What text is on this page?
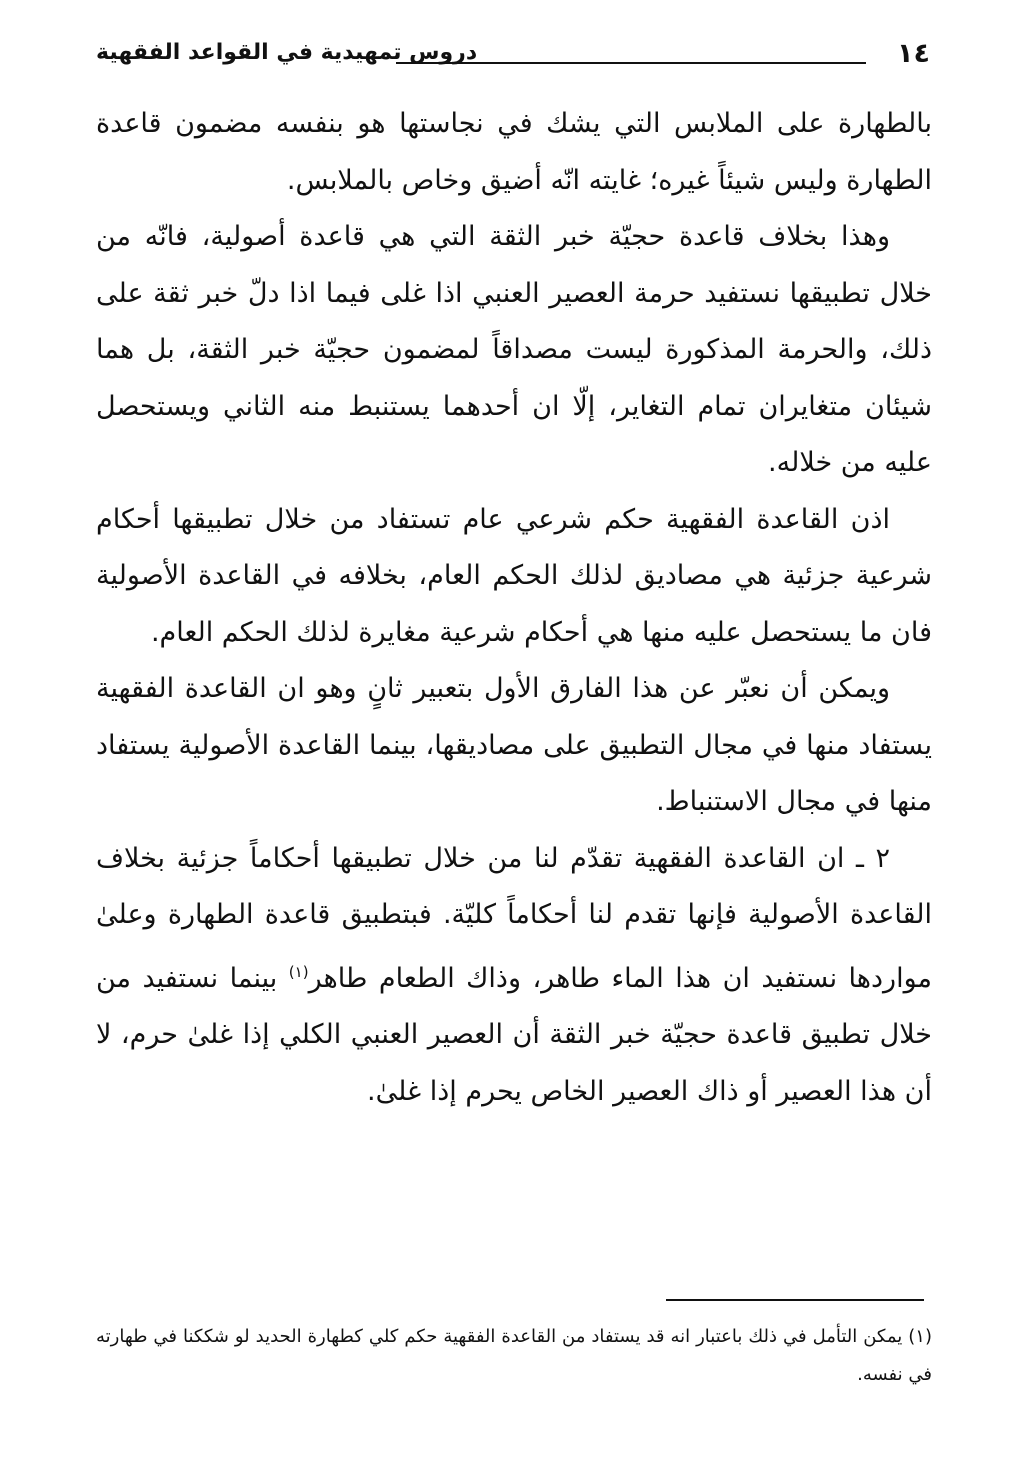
١٤
دروس تمهيدية في القواعد الفقهية

بالطهارة على الملابس التي يشك في نجاستها هو بنفسه مضمون قاعدة الطهارة وليس شيئاً غيره؛ غايته انّه أضيق وخاص بالملابس.

وهذا بخلاف قاعدة حجيّة خبر الثقة التي هي قاعدة أصولية، فانّه من خلال تطبيقها نستفيد حرمة العصير العنبي اذا غلى فيما اذا دلّ خبر ثقة على ذلك، والحرمة المذكورة ليست مصداقاً لمضمون حجيّة خبر الثقة، بل هما شيئان متغايران تمام التغاير، إلّا ان أحدهما يستنبط منه الثاني ويستحصل عليه من خلاله.

اذن القاعدة الفقهية حكم شرعي عام تستفاد من خلال تطبيقها أحكام شرعية جزئية هي مصاديق لذلك الحكم العام، بخلافه في القاعدة الأصولية فان ما يستحصل عليه منها هي أحكام شرعية مغايرة لذلك الحكم العام.

ويمكن أن نعبّر عن هذا الفارق الأول بتعبير ثانٍ وهو ان القاعدة الفقهية يستفاد منها في مجال التطبيق على مصاديقها، بينما القاعدة الأصولية يستفاد منها في مجال الاستنباط.

٢ ـ ان القاعدة الفقهية تقدّم لنا من خلال تطبيقها أحكاماً جزئية بخلاف القاعدة الأصولية فإنها تقدم لنا أحكاماً كليّة. فبتطبيق قاعدة الطهارة وعلىٰ مواردها نستفيد ان هذا الماء طاهر، وذاك الطعام طاهر$^{(١)}$ بينما نستفيد من خلال تطبيق قاعدة حجيّة خبر الثقة أن العصير العنبي الكلي إذا غلىٰ حرم، لا أن هذا العصير أو ذاك العصير الخاص يحرم إذا غلىٰ.

(١) يمكن التأمل في ذلك باعتبار انه قد يستفاد من القاعدة الفقهية حكم كلي كطهارة الحديد لو شككنا في طهارته في نفسه.
